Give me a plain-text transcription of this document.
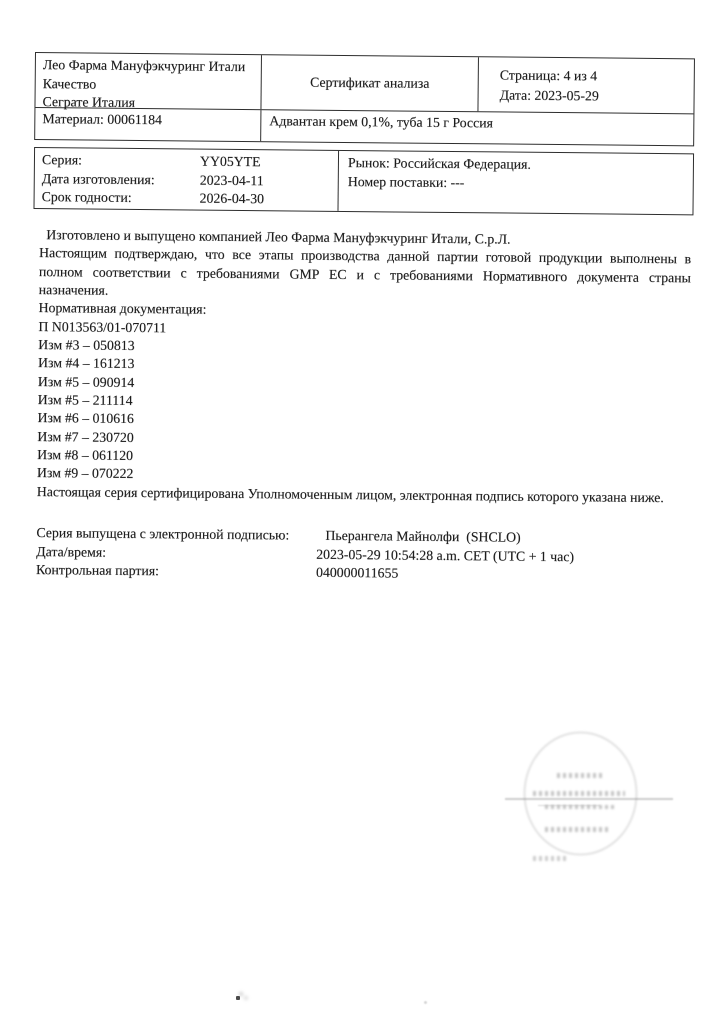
Лео Фарма Мануфэкчуринг Итали
Качество
Сеграте Италия
Сертификат анализа	Страница: 4 из 4
Дата: 2023-05-29
Материал: 00061184	Адвантан крем 0,1%, туба 15 г Россия
Серия:	YY05YTE
Дата изготовления:	2023-04-11
Срок годности:	2026-04-30
Рынок: Российская Федерация.
Номер поставки: ---

Изготовлено и выпущено компанией Лео Фарма Мануфэкчуринг Итали, С.р.Л.

Настоящим подтверждаю, что все этапы производства данной партии готовой продукции выполнены в полном соответствии с требованиями GMP ЕС и с требованиями Нормативного документа страны назначения.

Нормативная документация:
П N013563/01-070711
Изм #3 – 050813
Изм #4 – 161213
Изм #5 – 090914
Изм #5 – 211114
Изм #6 – 010616
Изм #7 – 230720
Изм #8 – 061120
Изм #9 – 070222
Настоящая серия сертифицирована Уполномоченным лицом, электронная подпись которого указана ниже.
Серия выпущена с электронной подписью:	Пьерангела Майнолфи  (SHCLO)
Дата/время:	2023-05-29 10:54:28 a.m. CET (UTC + 1 час)
Контрольная партия:	040000011655
